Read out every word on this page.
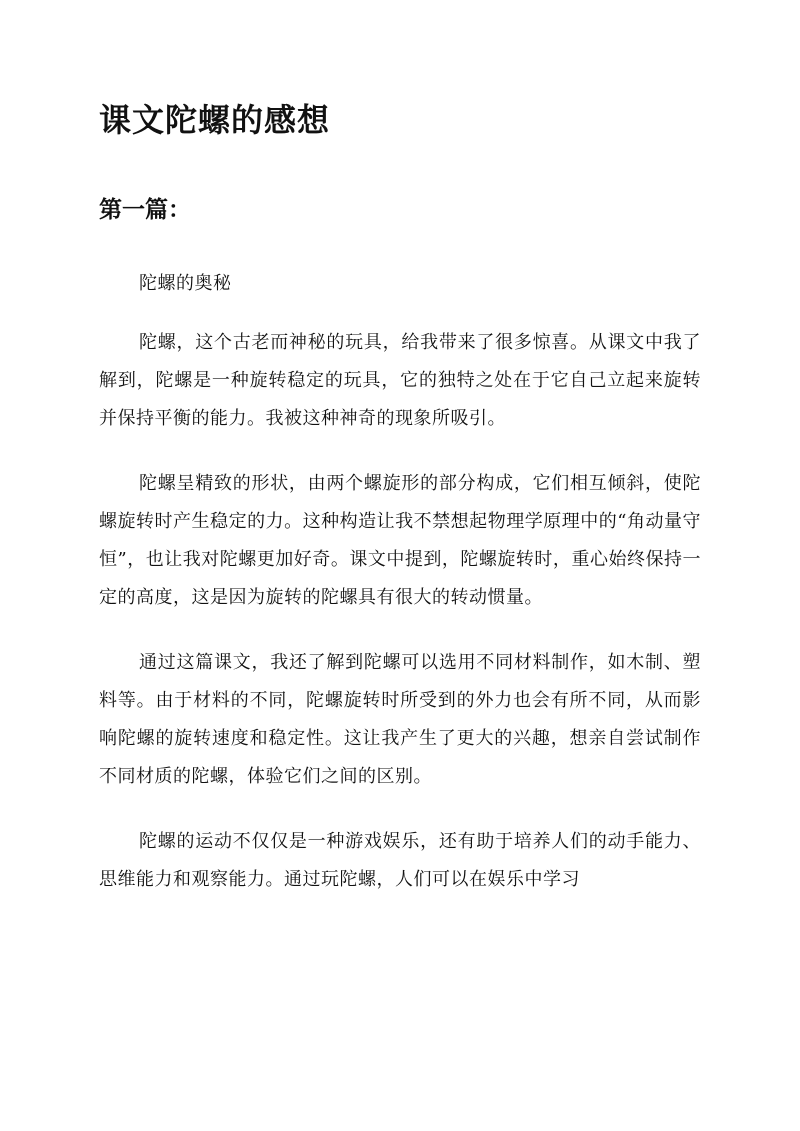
课文陀螺的感想
第一篇：

陀螺的奥秘

陀螺，这个古老而神秘的玩具，给我带来了很多惊喜。从课文中我了解到，陀螺是一种旋转稳定的玩具，它的独特之处在于它自己立起来旋转并保持平衡的能力。我被这种神奇的现象所吸引。

陀螺呈精致的形状，由两个螺旋形的部分构成，它们相互倾斜，使陀螺旋转时产生稳定的力。这种构造让我不禁想起物理学原理中的“角动量守恒”，也让我对陀螺更加好奇。课文中提到，陀螺旋转时，重心始终保持一定的高度，这是因为旋转的陀螺具有很大的转动惯量。

通过这篇课文，我还了解到陀螺可以选用不同材料制作，如木制、塑料等。由于材料的不同，陀螺旋转时所受到的外力也会有所不同，从而影响陀螺的旋转速度和稳定性。这让我产生了更大的兴趣，想亲自尝试制作不同材质的陀螺，体验它们之间的区别。

陀螺的运动不仅仅是一种游戏娱乐，还有助于培养人们的动手能力、思维能力和观察能力。通过玩陀螺，人们可以在娱乐中学习
